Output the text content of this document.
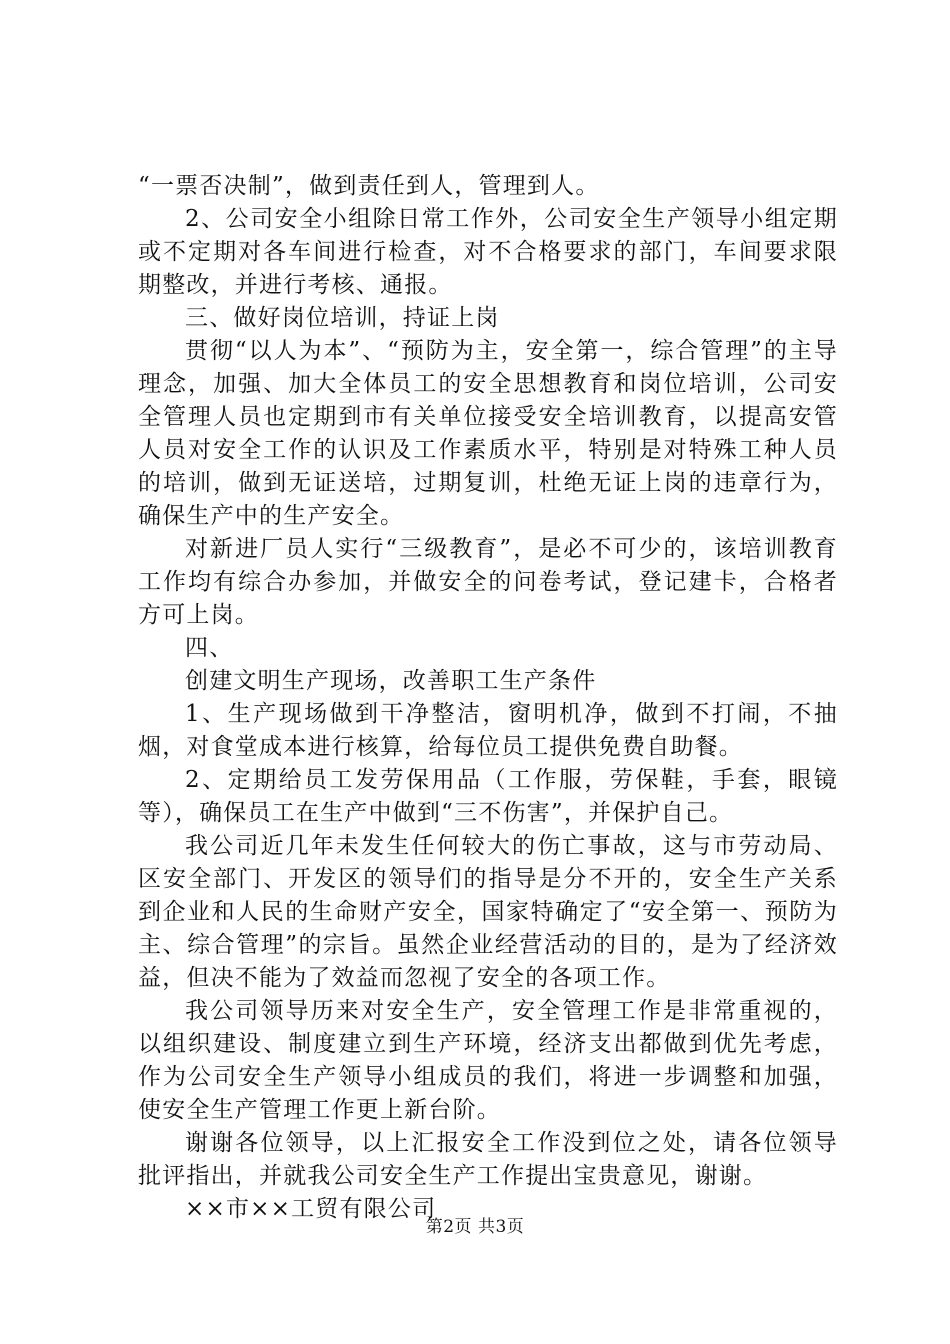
“一票否决制”，做到责任到人，管理到人。

2、公司安全小组除日常工作外，公司安全生产领导小组定期或不定期对各车间进行检查，对不合格要求的部门，车间要求限期整改，并进行考核、通报。

三、做好岗位培训，持证上岗

贯彻“以人为本”、“预防为主，安全第一，综合管理”的主导理念，加强、加大全体员工的安全思想教育和岗位培训，公司安全管理人员也定期到市有关单位接受安全培训教育，以提高安管人员对安全工作的认识及工作素质水平，特别是对特殊工种人员的培训，做到无证送培，过期复训，杜绝无证上岗的违章行为，确保生产中的生产安全。

对新进厂员人实行“三级教育”，是必不可少的，该培训教育工作均有综合办参加，并做安全的问卷考试，登记建卡，合格者方可上岗。

四、

创建文明生产现场，改善职工生产条件

1、生产现场做到干净整洁，窗明机净，做到不打闹，不抽烟，对食堂成本进行核算，给每位员工提供免费自助餐。

2、定期给员工发劳保用品（工作服，劳保鞋，手套，眼镜等），确保员工在生产中做到“三不伤害”，并保护自己。

我公司近几年未发生任何较大的伤亡事故，这与市劳动局、区安全部门、开发区的领导们的指导是分不开的，安全生产关系到企业和人民的生命财产安全，国家特确定了“安全第一、预防为主、综合管理”的宗旨。虽然企业经营活动的目的，是为了经济效益，但决不能为了效益而忽视了安全的各项工作。

我公司领导历来对安全生产，安全管理工作是非常重视的，以组织建设、制度建立到生产环境，经济支出都做到优先考虑，作为公司安全生产领导小组成员的我们，将进一步调整和加强，使安全生产管理工作更上新台阶。

谢谢各位领导，以上汇报安全工作没到位之处，请各位领导批评指出，并就我公司安全生产工作提出宝贵意见，谢谢。

××市××工贸有限公司

第2页 共3页
